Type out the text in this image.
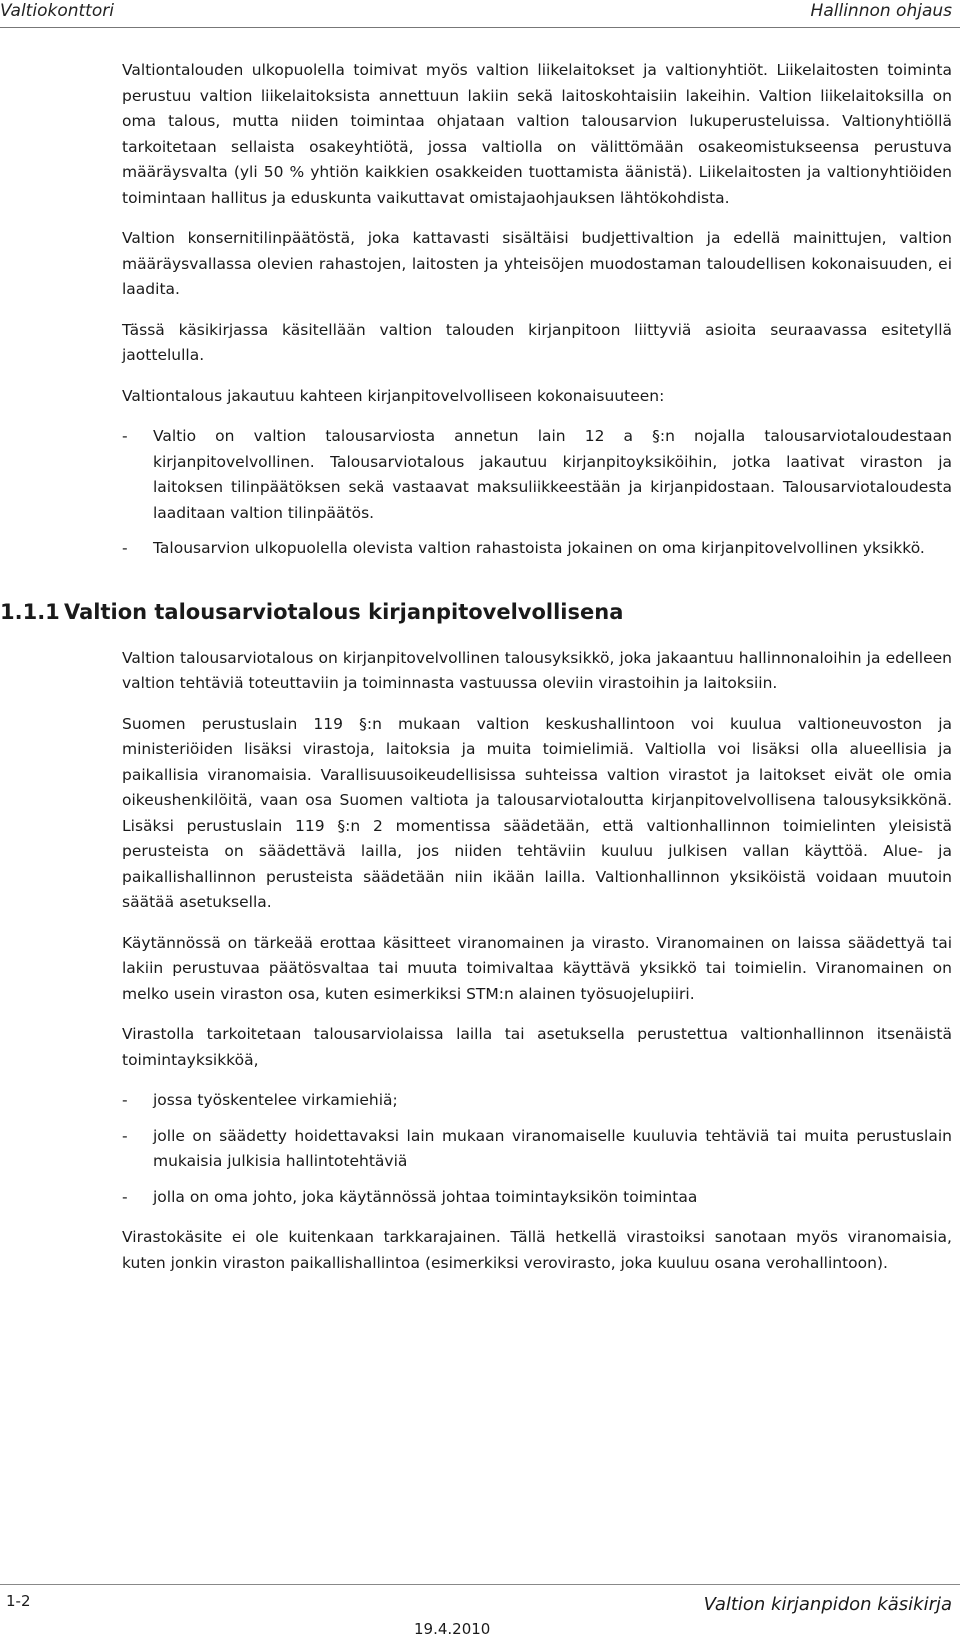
Valtiokonttori	Hallinnon ohjaus

Valtiontalouden ulkopuolella toimivat myös valtion liikelaitokset ja valtionyhtiöt. Liikelaitosten toiminta perustuu valtion liikelaitoksista annettuun lakiin sekä laitoskohtaisiin lakeihin. Valtion liikelaitoksilla on oma talous, mutta niiden toimintaa ohjataan valtion talousarvion lukuperusteluissa. Valtionyhtiöllä tarkoitetaan sellaista osakeyhtiötä, jossa valtiolla on välittömään osakeomistukseensa perustuva määräysvalta (yli 50 % yhtiön kaikkien osakkeiden tuottamista äänistä). Liikelaitosten ja valtionyhtiöiden toimintaan hallitus ja eduskunta vaikuttavat omistajaohjauksen lähtökohdista.

Valtion konsernitilinpäätöstä, joka kattavasti sisältäisi budjettivaltion ja edellä mainittujen, valtion määräysvallassa olevien rahastojen, laitosten ja yhteisöjen muodostaman taloudellisen kokonaisuuden, ei laadita.

Tässä käsikirjassa käsitellään valtion talouden kirjanpitoon liittyviä asioita seuraavassa esitetyllä jaottelulla.

Valtiontalous jakautuu kahteen kirjanpitovelvolliseen kokonaisuuteen:

- Valtio on valtion talousarviosta annetun lain 12 a §:n nojalla talousarviotaloudestaan kirjanpitovelvollinen. Talousarviotalous jakautuu kirjanpitoyksiköihin, jotka laativat viraston ja laitoksen tilinpäätöksen sekä vastaavat maksuliikkeestään ja kirjanpidostaan. Talousarviotaloudesta laaditaan valtion tilinpäätös.
- Talousarvion ulkopuolella olevista valtion rahastoista jokainen on oma kirjanpitovelvollinen yksikkö.
1.1.1 Valtion talousarviotalous kirjanpitovelvollisena

Valtion talousarviotalous on kirjanpitovelvollinen talousyksikkö, joka jakaantuu hallinnonaloihin ja edelleen valtion tehtäviä toteuttaviin ja toiminnasta vastuussa oleviin virastoihin ja laitoksiin.

Suomen perustuslain 119 §:n mukaan valtion keskushallintoon voi kuulua valtioneuvoston ja ministeriöiden lisäksi virastoja, laitoksia ja muita toimielimiä. Valtiolla voi lisäksi olla alueellisia ja paikallisia viranomaisia. Varallisuusoikeudellisissa suhteissa valtion virastot ja laitokset eivät ole omia oikeushenkilöitä, vaan osa Suomen valtiota ja talousarviotaloutta kirjanpitovelvollisena talousyksikkönä. Lisäksi perustuslain 119 §:n 2 momentissa säädetään, että valtionhallinnon toimielinten yleisistä perusteista on säädettävä lailla, jos niiden tehtäviin kuuluu julkisen vallan käyttöä. Alue- ja paikallishallinnon perusteista säädetään niin ikään lailla. Valtionhallinnon yksiköistä voidaan muutoin säätää asetuksella.

Käytännössä on tärkeää erottaa käsitteet viranomainen ja virasto. Viranomainen on laissa säädettyä tai lakiin perustuvaa päätösvaltaa tai muuta toimivaltaa käyttävä yksikkö tai toimielin. Viranomainen on melko usein viraston osa, kuten esimerkiksi STM:n alainen työsuojelupiiri.

Virastolla tarkoitetaan talousarviolaissa lailla tai asetuksella perustettua valtionhallinnon itsenäistä toimintayksikköä,

- jossa työskentelee virkamiehiä;
- jolle on säädetty hoidettavaksi lain mukaan viranomaiselle kuuluvia tehtäviä tai muita perustuslain mukaisia julkisia hallintotehtäviä
- jolla on oma johto, joka käytännössä johtaa toimintayksikön toimintaa

Virastokäsite ei ole kuitenkaan tarkkarajainen. Tällä hetkellä virastoiksi sanotaan myös viranomaisia, kuten jonkin viraston paikallishallintoa (esimerkiksi verovirasto, joka kuuluu osana verohallintoon).

1-2	Valtion kirjanpidon käsikirja
19.4.2010
